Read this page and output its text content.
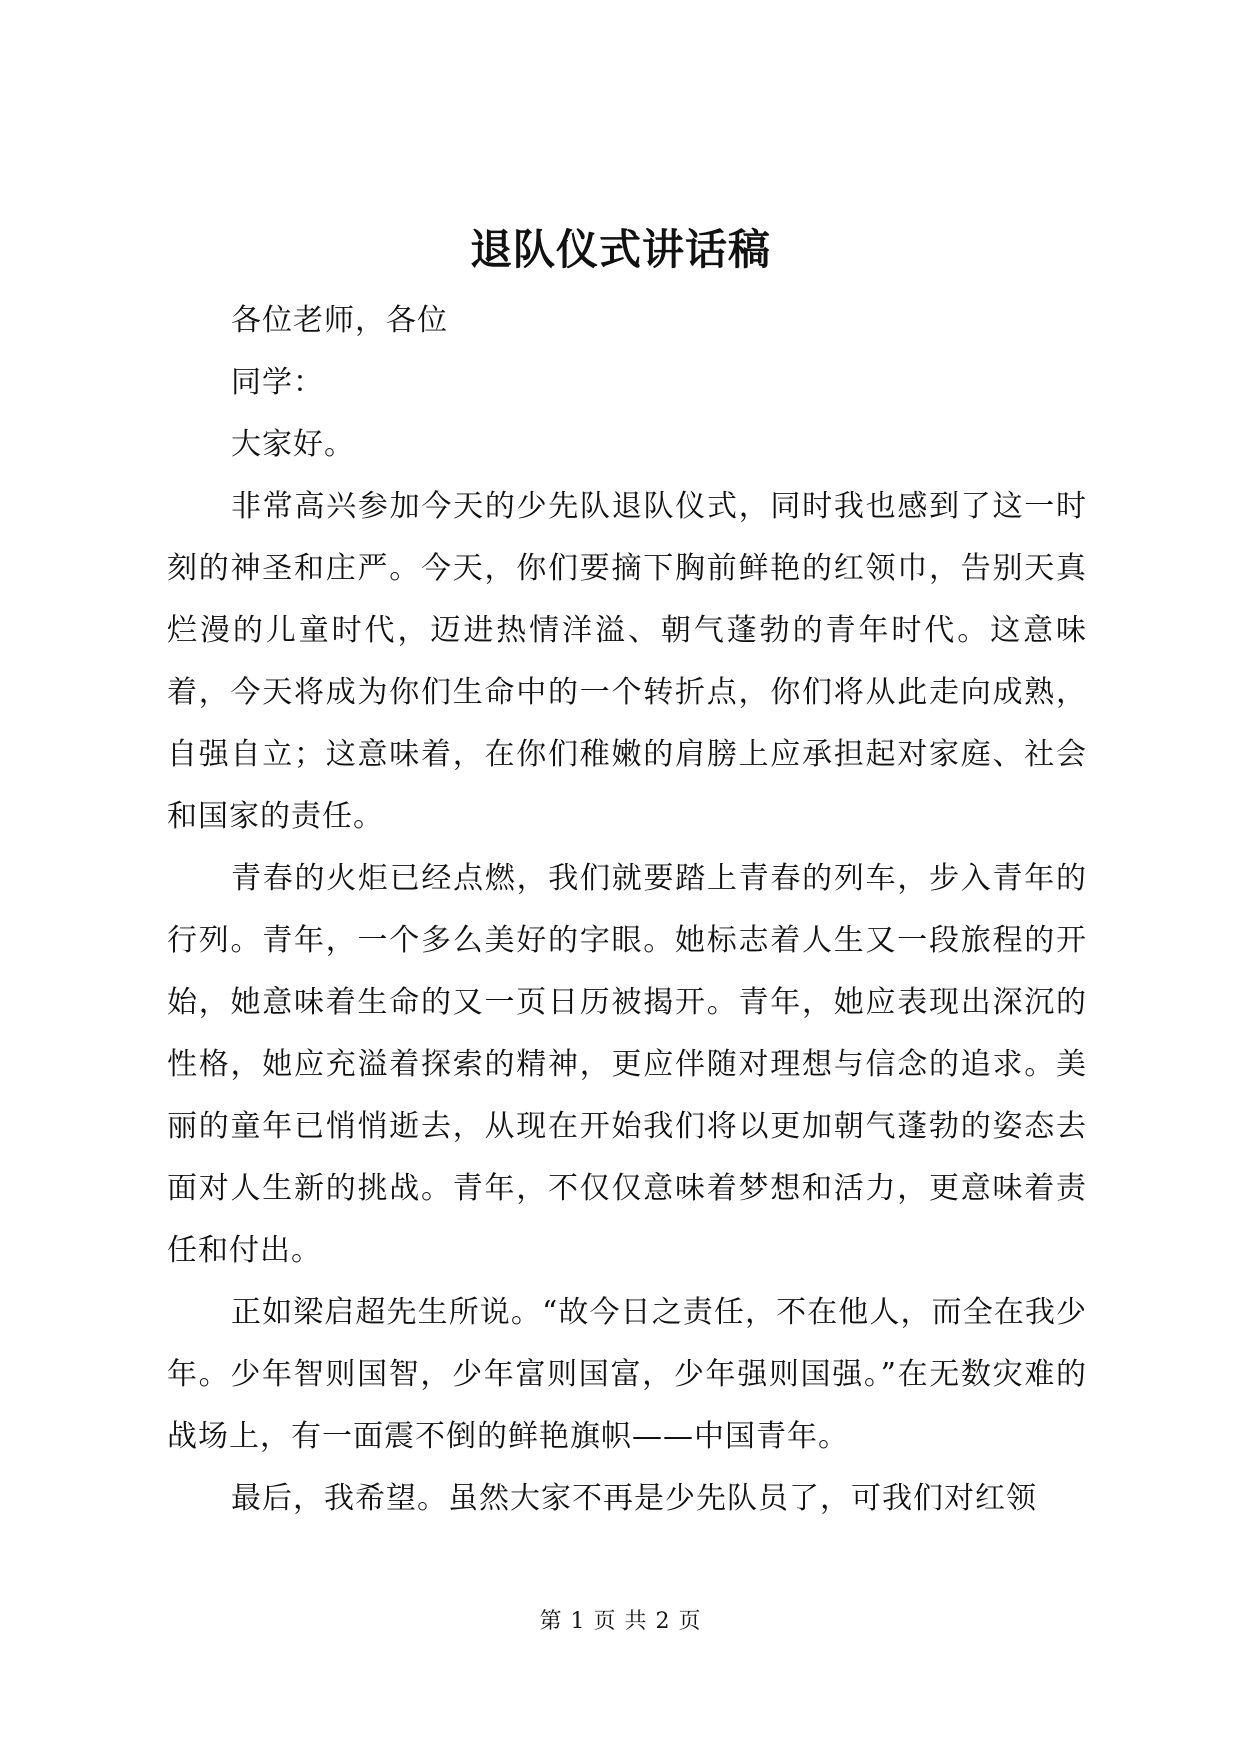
退队仪式讲话稿

各位老师，各位

同学：

大家好。

非常高兴参加今天的少先队退队仪式，同时我也感到了这一时刻的神圣和庄严。今天，你们要摘下胸前鲜艳的红领巾，告别天真烂漫的儿童时代，迈进热情洋溢、朝气蓬勃的青年时代。这意味着，今天将成为你们生命中的一个转折点，你们将从此走向成熟，自强自立；这意味着，在你们稚嫩的肩膀上应承担起对家庭、社会和国家的责任。

青春的火炬已经点燃，我们就要踏上青春的列车，步入青年的行列。青年，一个多么美好的字眼。她标志着人生又一段旅程的开始，她意味着生命的又一页日历被揭开。青年，她应表现出深沉的性格，她应充溢着探索的精神，更应伴随对理想与信念的追求。美丽的童年已悄悄逝去，从现在开始我们将以更加朝气蓬勃的姿态去面对人生新的挑战。青年，不仅仅意味着梦想和活力，更意味着责任和付出。

正如梁启超先生所说。“故今日之责任，不在他人，而全在我少年。少年智则国智，少年富则国富，少年强则国强。”在无数灾难的战场上，有一面震不倒的鲜艳旗帜——中国青年。

最后，我希望。虽然大家不再是少先队员了，可我们对红领

第 1 页 共 2 页
